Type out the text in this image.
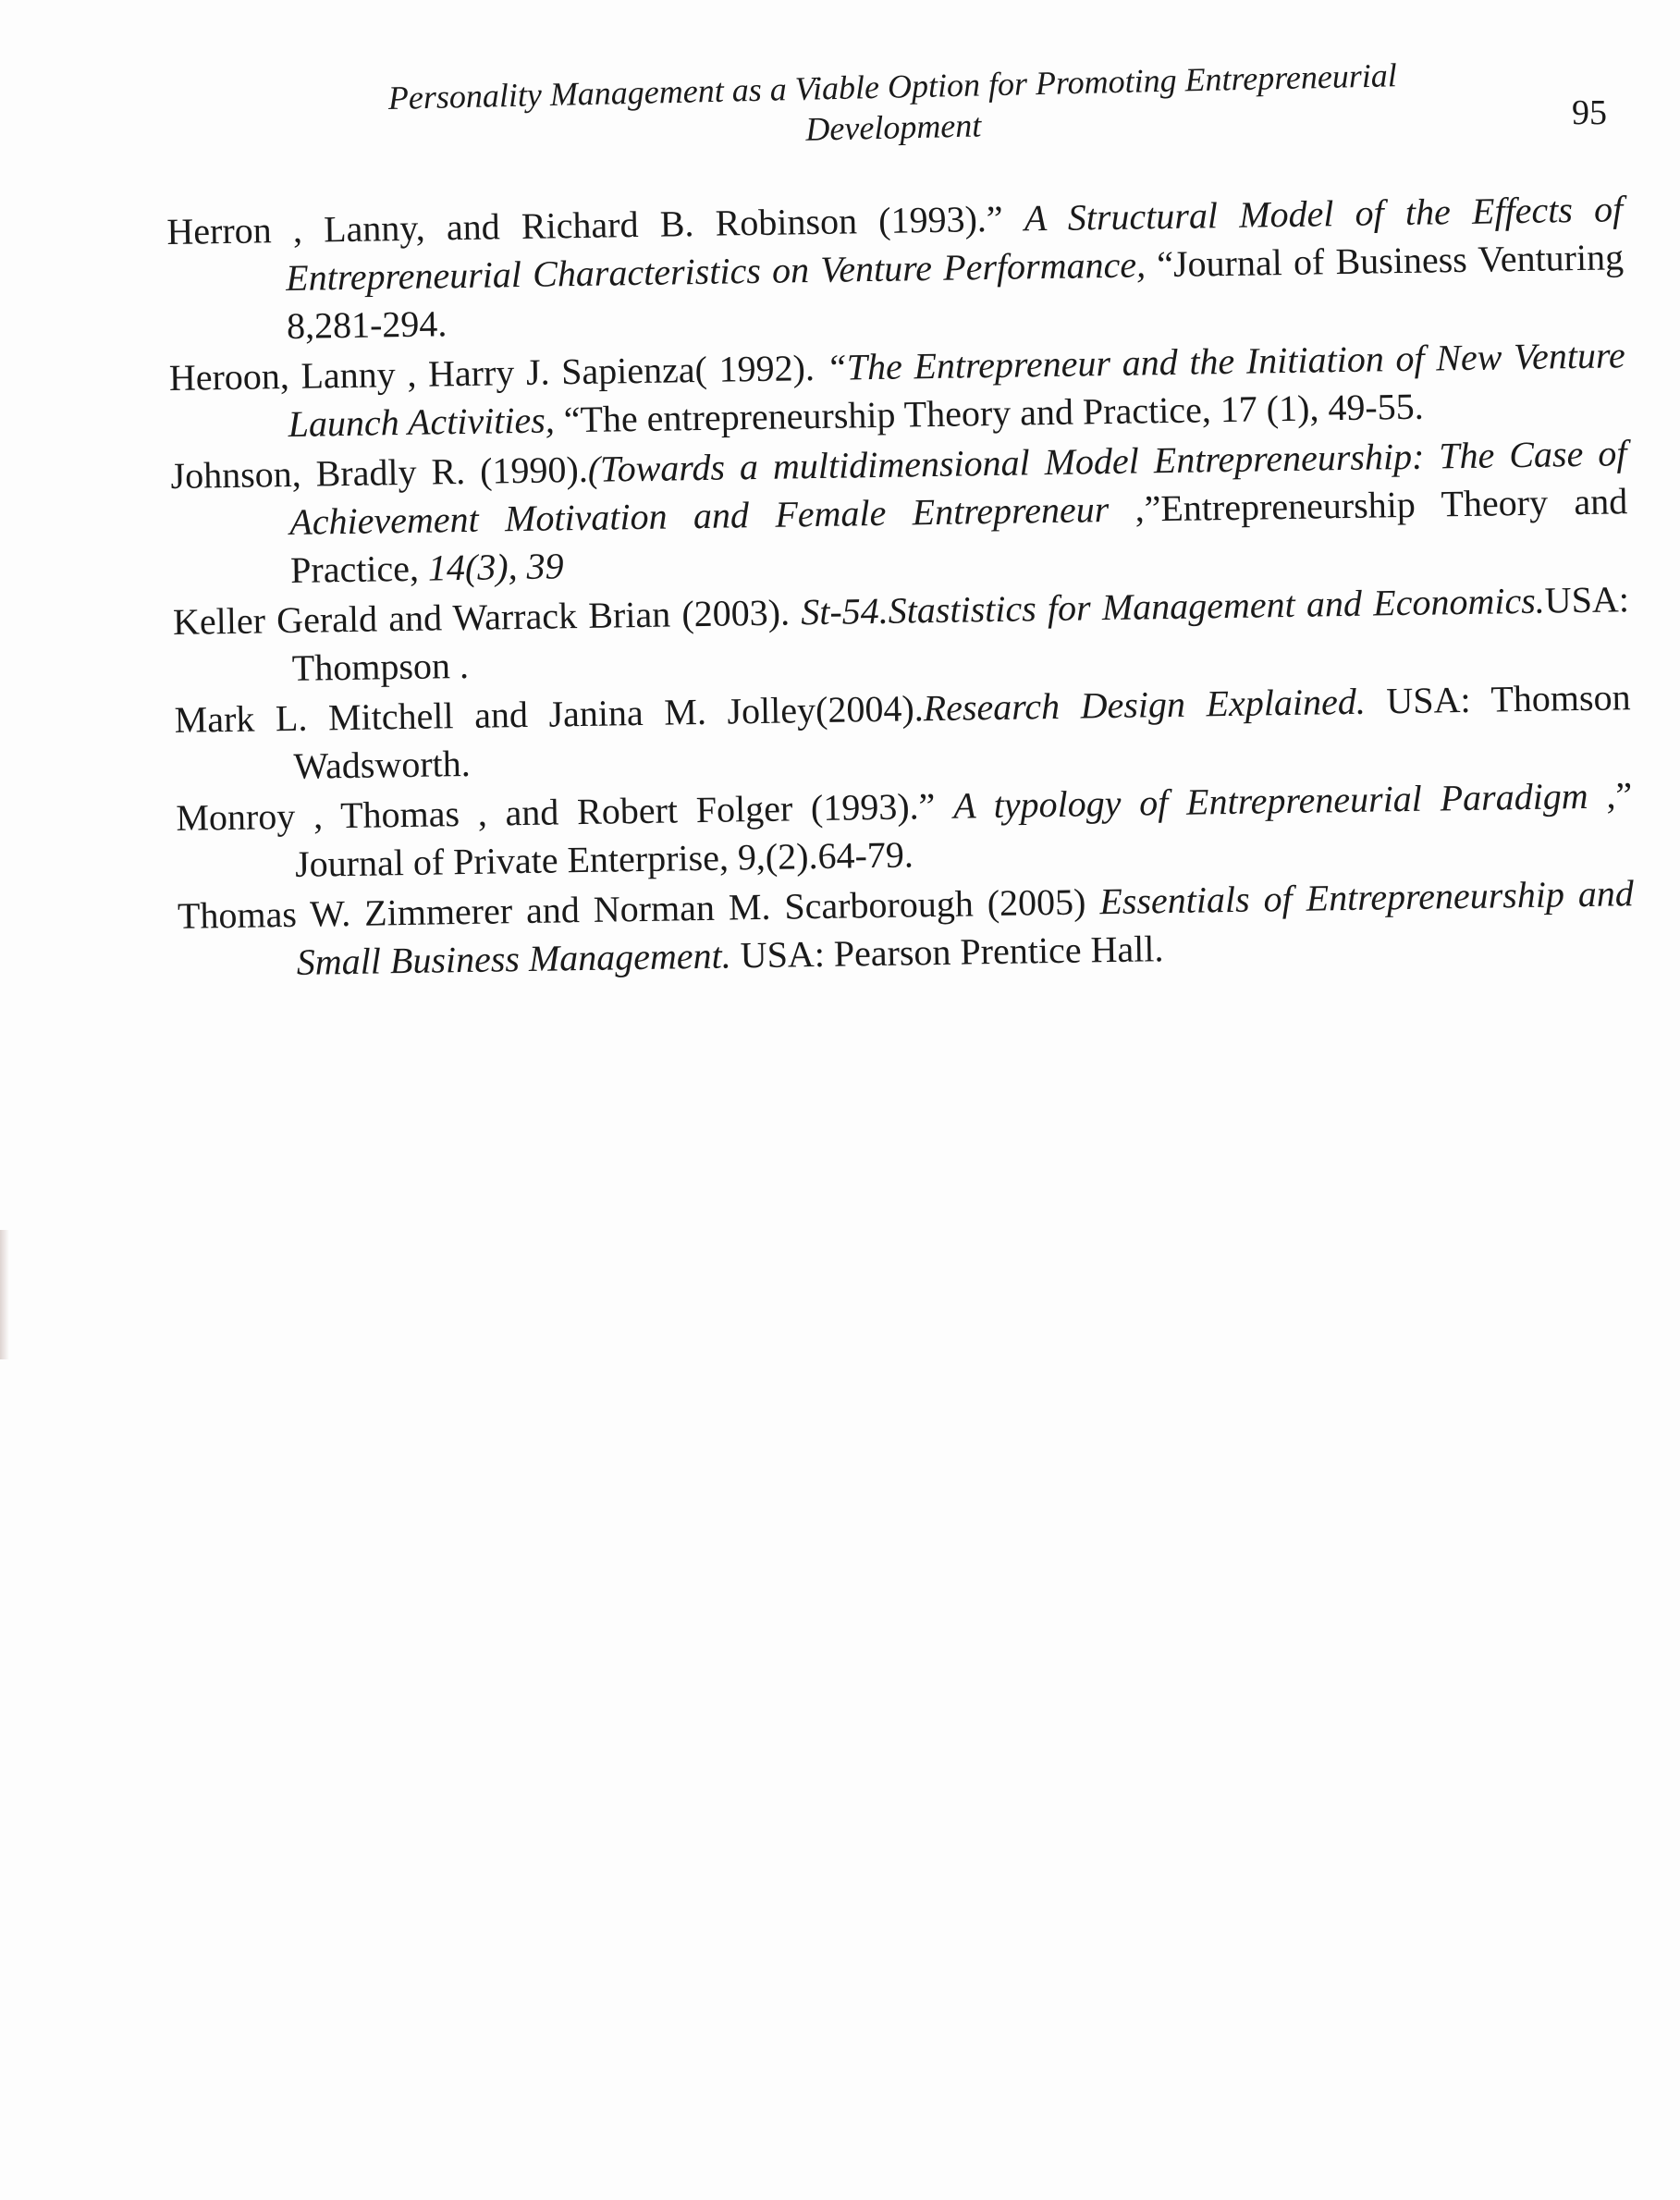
Personality Management as a Viable Option for Promoting Entrepreneurial
Development	95

Herron , Lanny, and Richard B. Robinson (1993).” A Structural Model of the Effects of Entrepreneurial Characteristics on Venture Performance, “Journal of Business Venturing 8,281-294.

Heroon, Lanny , Harry J. Sapienza( 1992). “The Entrepreneur and the Initiation of New Venture Launch Activities, “The entrepreneurship Theory and Practice, 17 (1), 49-55.

Johnson, Bradly R. (1990).(Towards a multidimensional Model Entrepreneurship: The Case of Achievement Motivation and Female Entrepreneur ,”Entrepreneurship Theory and Practice, 14(3), 39

Keller Gerald and Warrack Brian (2003). St-54.Stastistics for Management and Economics.USA: Thompson .

Mark L. Mitchell and Janina M. Jolley(2004).Research Design Explained. USA: Thomson Wadsworth.

Monroy , Thomas , and Robert Folger (1993).” A typology of Entrepreneurial Paradigm ,” Journal of Private Enterprise, 9,(2).64-79.

Thomas W. Zimmerer and Norman M. Scarborough (2005) Essentials of Entrepreneurship and Small Business Management. USA: Pearson Prentice Hall.
